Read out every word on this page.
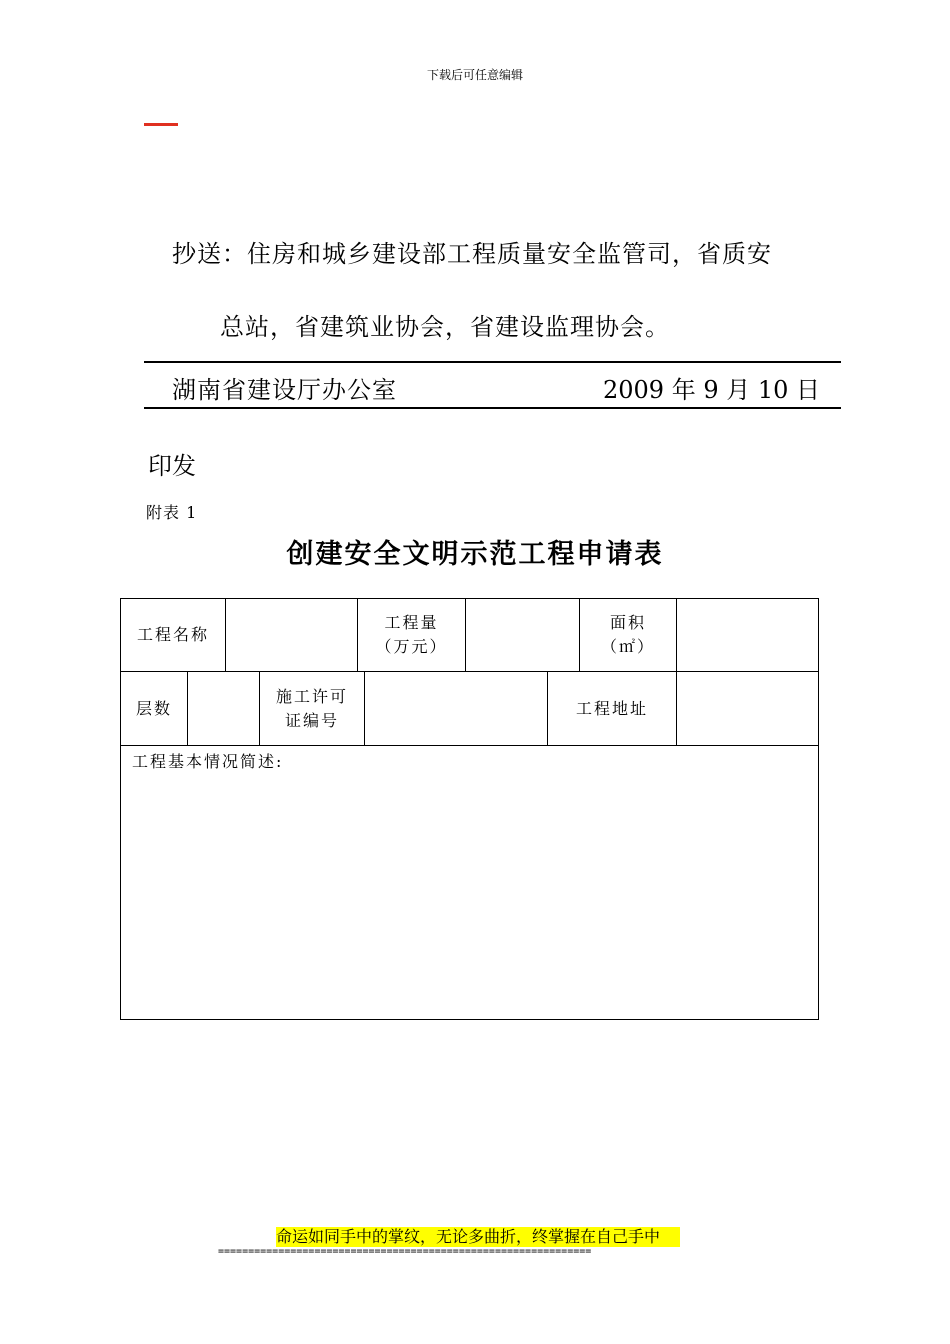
下载后可任意编辑
抄送：住房和城乡建设部工程质量安全监管司，省质安
总站，省建筑业协会，省建设监理协会。
湖南省建设厅办公室	2009 年 9 月 10 日
印发
附表 1
创建安全文明示范工程申请表
工程名称
工程量
（万元）
面积
（㎡）
层数
施工许可
证编号
工程地址
工程基本情况简述:
命运如同手中的掌纹，无论多曲折，终掌握在自己手中
==============================================================
